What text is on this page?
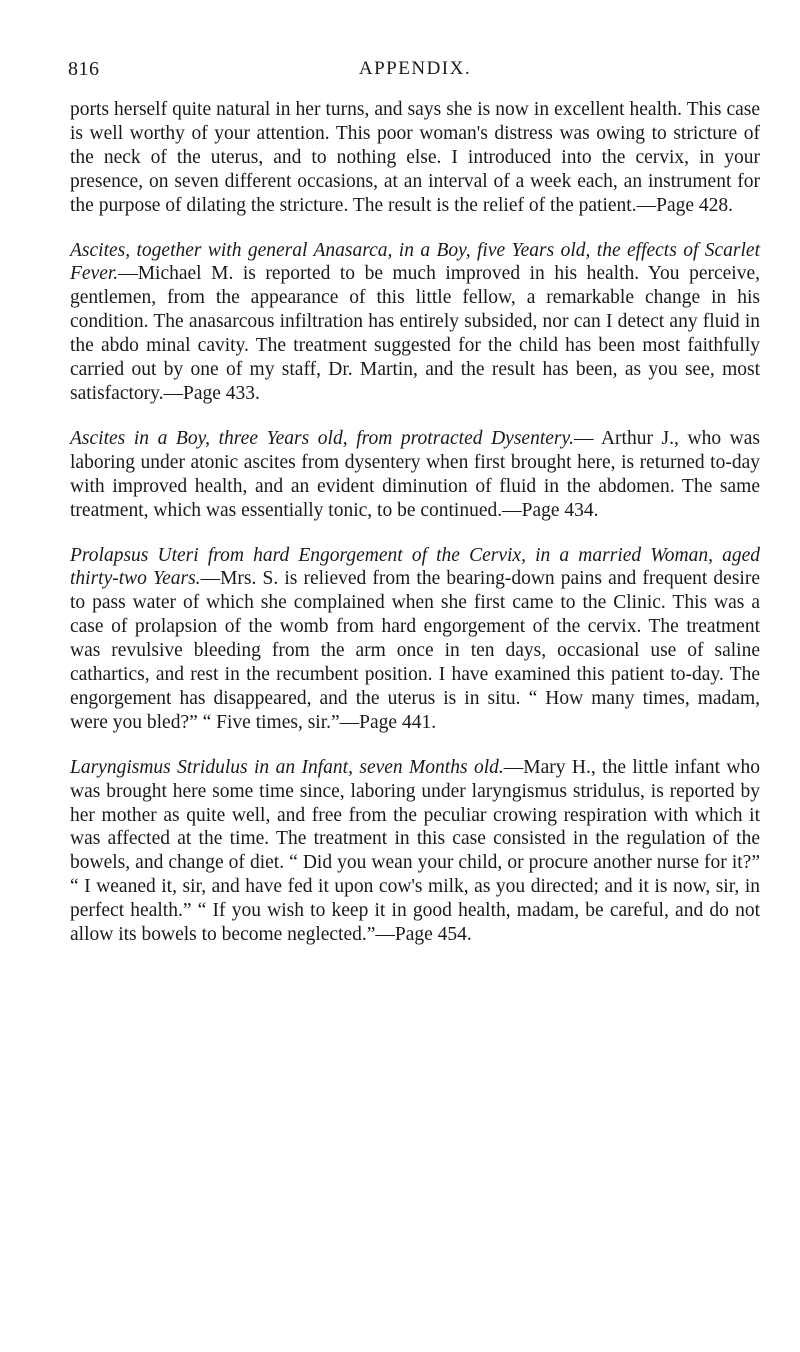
816	APPENDIX.

ports herself quite natural in her turns, and says she is now in excellent health. This case is well worthy of your attention. This poor woman's distress was owing to stricture of the neck of the uterus, and to nothing else. I introduced into the cervix, in your presence, on seven different occasions, at an interval of a week each, an instrument for the purpose of dilating the stricture. The result is the relief of the patient.—Page 428.

Ascites, together with general Anasarca, in a Boy, five Years old, the effects of Scarlet Fever.—Michael M. is reported to be much improved in his health. You perceive, gentlemen, from the appearance of this little fellow, a remarkable change in his condition. The anasarcous infiltration has entirely subsided, nor can I detect any fluid in the abdo minal cavity. The treatment suggested for the child has been most faithfully carried out by one of my staff, Dr. Martin, and the result has been, as you see, most satisfactory.—Page 433.

Ascites in a Boy, three Years old, from protracted Dysentery.— Arthur J., who was laboring under atonic ascites from dysentery when first brought here, is returned to-day with improved health, and an evident diminution of fluid in the abdomen. The same treatment, which was essentially tonic, to be continued.—Page 434.

Prolapsus Uteri from hard Engorgement of the Cervix, in a married Woman, aged thirty-two Years.—Mrs. S. is relieved from the bearing-down pains and frequent desire to pass water of which she complained when she first came to the Clinic. This was a case of prolapsion of the womb from hard engorgement of the cervix. The treatment was revulsive bleeding from the arm once in ten days, occasional use of saline cathartics, and rest in the recumbent position. I have examined this patient to-day. The engorgement has disappeared, and the uterus is in situ. “ How many times, madam, were you bled?” “ Five times, sir.”—Page 441.

Laryngismus Stridulus in an Infant, seven Months old.—Mary H., the little infant who was brought here some time since, laboring under laryngismus stridulus, is reported by her mother as quite well, and free from the peculiar crowing respiration with which it was affected at the time. The treatment in this case consisted in the regulation of the bowels, and change of diet. “ Did you wean your child, or procure another nurse for it?” “ I weaned it, sir, and have fed it upon cow's milk, as you directed; and it is now, sir, in perfect health.” “ If you wish to keep it in good health, madam, be careful, and do not allow its bowels to become neglected.”—Page 454.
